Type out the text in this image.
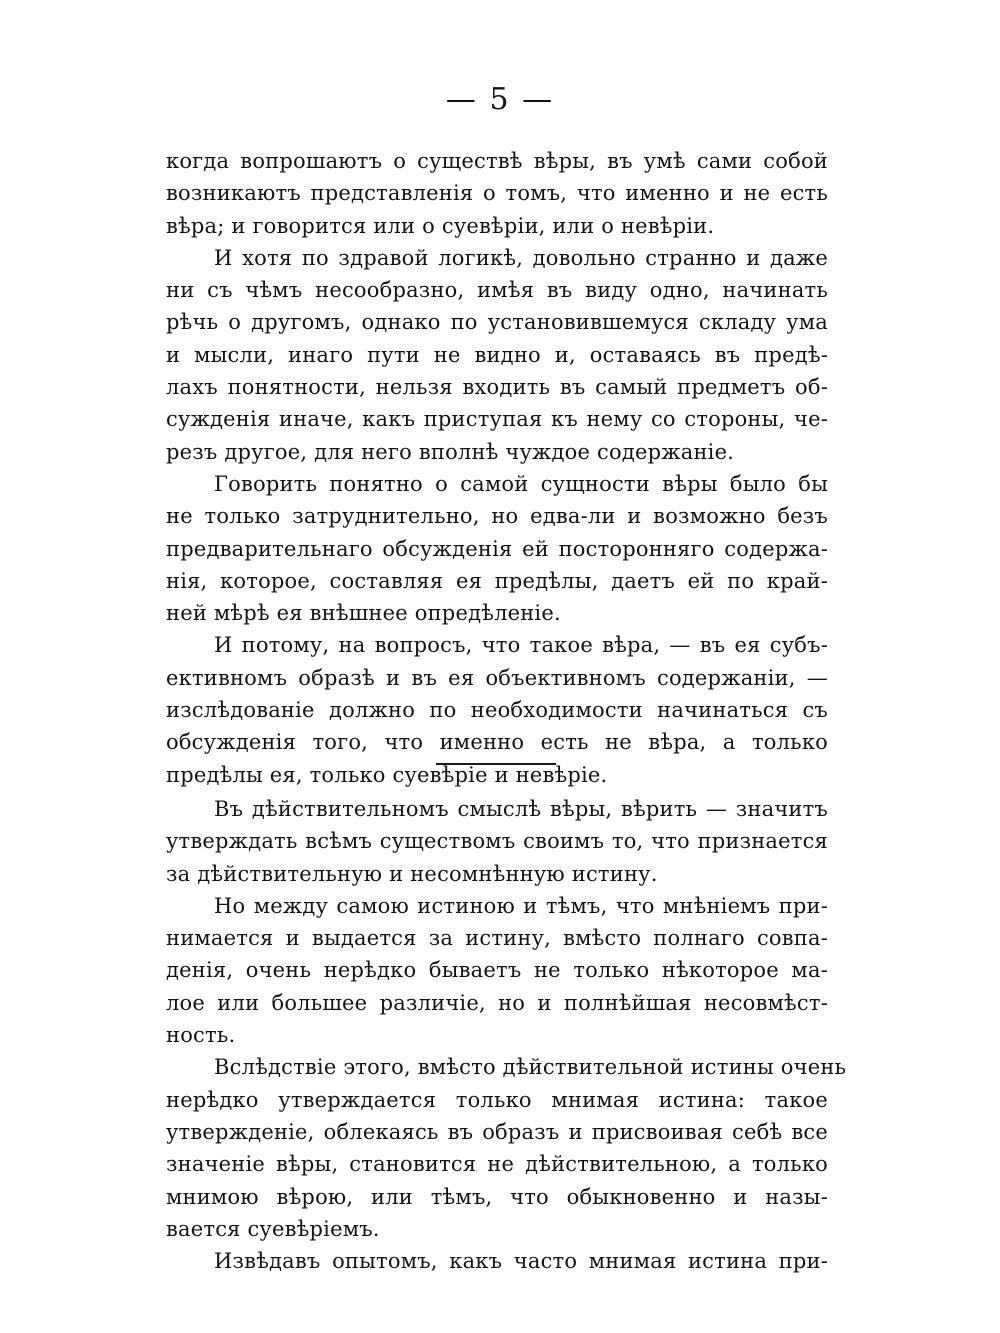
— 5 —

когда вопрошаютъ о существѣ вѣры, въ умѣ сами собой
возникаютъ представленія о томъ, что именно и не есть
вѣра; и говорится или о суевѣріи, или о невѣріи.

И хотя по здравой логикѣ, довольно странно и даже
ни съ чѣмъ несообразно, имѣя въ виду одно, начинать
рѣчь о другомъ, однако по установившемуся складу ума
и мысли, инаго пути не видно и, оставаясь въ предѣ-
лахъ понятности, нельзя входить въ самый предметъ об-
сужденія иначе, какъ приступая къ нему со стороны, че-
резъ другое, для него вполнѣ чуждое содержаніе.

Говорить понятно о самой сущности вѣры было бы
не только затруднительно, но едва-ли и возможно безъ
предварительнаго обсужденія ей посторонняго содержа-
нія, которое, составляя ея предѣлы, даетъ ей по край-
ней мѣрѣ ея внѣшнее опредѣленіе.

И потому, на вопросъ, что такое вѣра, — въ ея субъ-
ективномъ образѣ и въ ея объективномъ содержаніи, —
изслѣдованіе должно по необходимости начинаться съ
обсужденія того, что именно есть не вѣра, а только
предѣлы ея, только суевѣріе и невѣріе.

Въ дѣйствительномъ смыслѣ вѣры, вѣрить — значитъ
утверждать всѣмъ существомъ своимъ то, что признается
за дѣйствительную и несомнѣнную истину.

Но между самою истиною и тѣмъ, что мнѣніемъ при-
нимается и выдается за истину, вмѣсто полнаго совпа-
денія, очень нерѣдко бываетъ не только нѣкоторое ма-
лое или большее различіе, но и полнѣйшая несовмѣст-
ность.

Вслѣдствіе этого, вмѣсто дѣйствительной истины очень
нерѣдко утверждается только мнимая истина: такое
утвержденіе, облекаясь въ образъ и присвоивая себѣ все
значеніе вѣры, становится не дѣйствительною, а только
мнимою вѣрою, или тѣмъ, что обыкновенно и назы-
вается суевѣріемъ.

Извѣдавъ опытомъ, какъ часто мнимая истина при-
